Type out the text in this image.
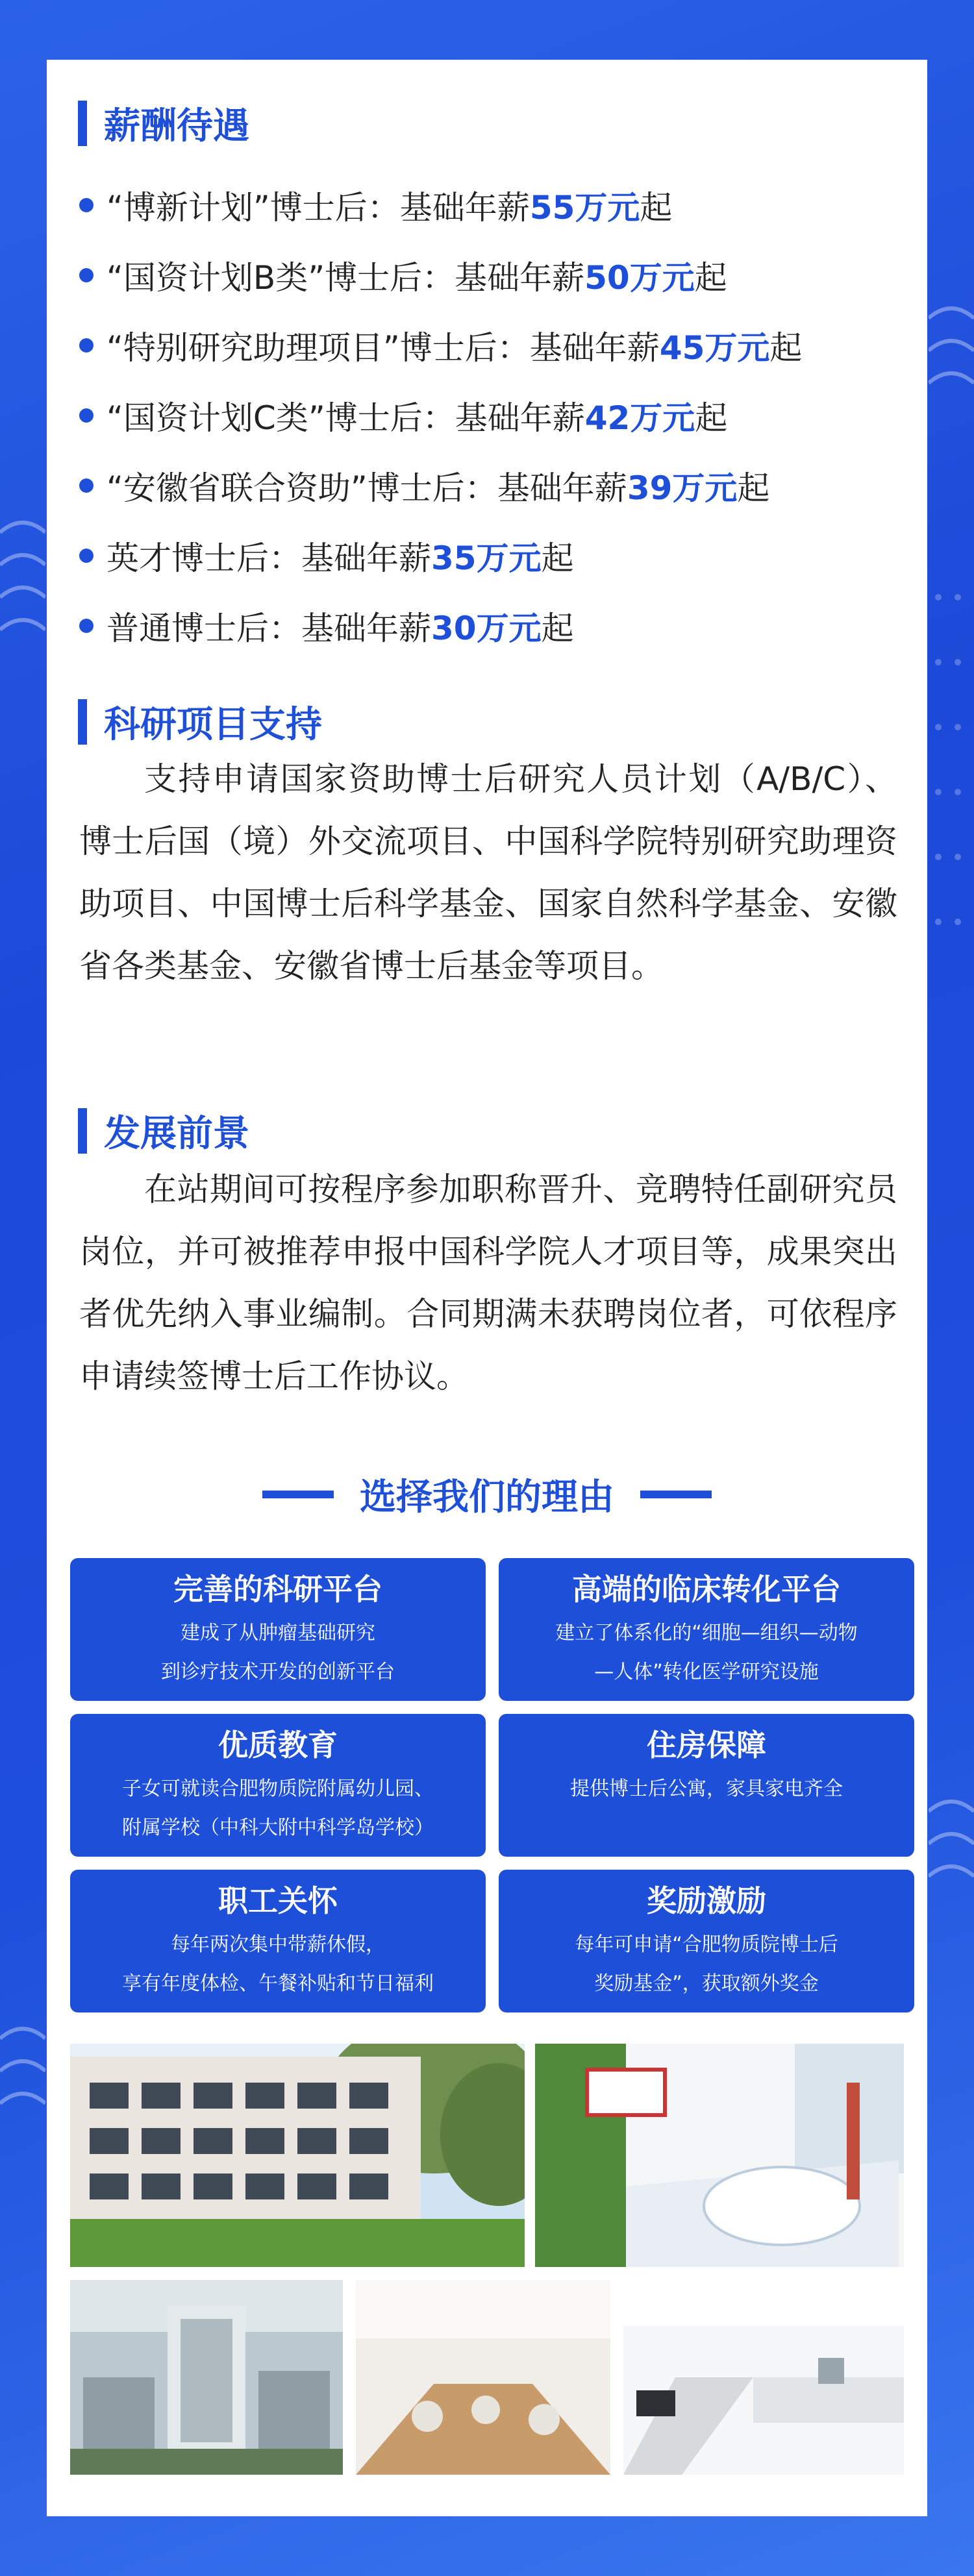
薪酬待遇
“博新计划”博士后：基础年薪 55万元 起
“国资计划B类”博士后：基础年薪 50万元 起
“特别研究助理项目”博士后：基础年薪 45万元 起
“国资计划C类”博士后：基础年薪 42万元 起
“安徽省联合资助”博士后：基础年薪 39万元 起
英才博士后：基础年薪 35万元 起
普通博士后：基础年薪 30万元 起
科研项目支持

支持申请国家资助博士后研究人员计划（A/B/C）、博士后国（境）外交流项目、中国科学院特别研究助理资助项目、中国博士后科学基金、国家自然科学基金、安徽省各类基金、安徽省博士后基金等项目。

发展前景

在站期间可按程序参加职称晋升、竞聘特任副研究员岗位，并可被推荐申报中国科学院人才项目等，成果突出者优先纳入事业编制。合同期满未获聘岗位者，可依程序申请续签博士后工作协议。

选择我们的理由
完善的科研平台
建成了从肿瘤基础研究
到诊疗技术开发的创新平台
高端的临床转化平台
建立了体系化的“细胞—组织—动物
—人体”转化医学研究设施
优质教育
子女可就读合肥物质院附属幼儿园、
附属学校（中科大附中科学岛学校）
住房保障
提供博士后公寓，家具家电齐全
职工关怀
每年两次集中带薪休假，
享有年度体检、午餐补贴和节日福利
奖励激励
每年可申请“合肥物质院博士后
奖励基金”，获取额外奖金
